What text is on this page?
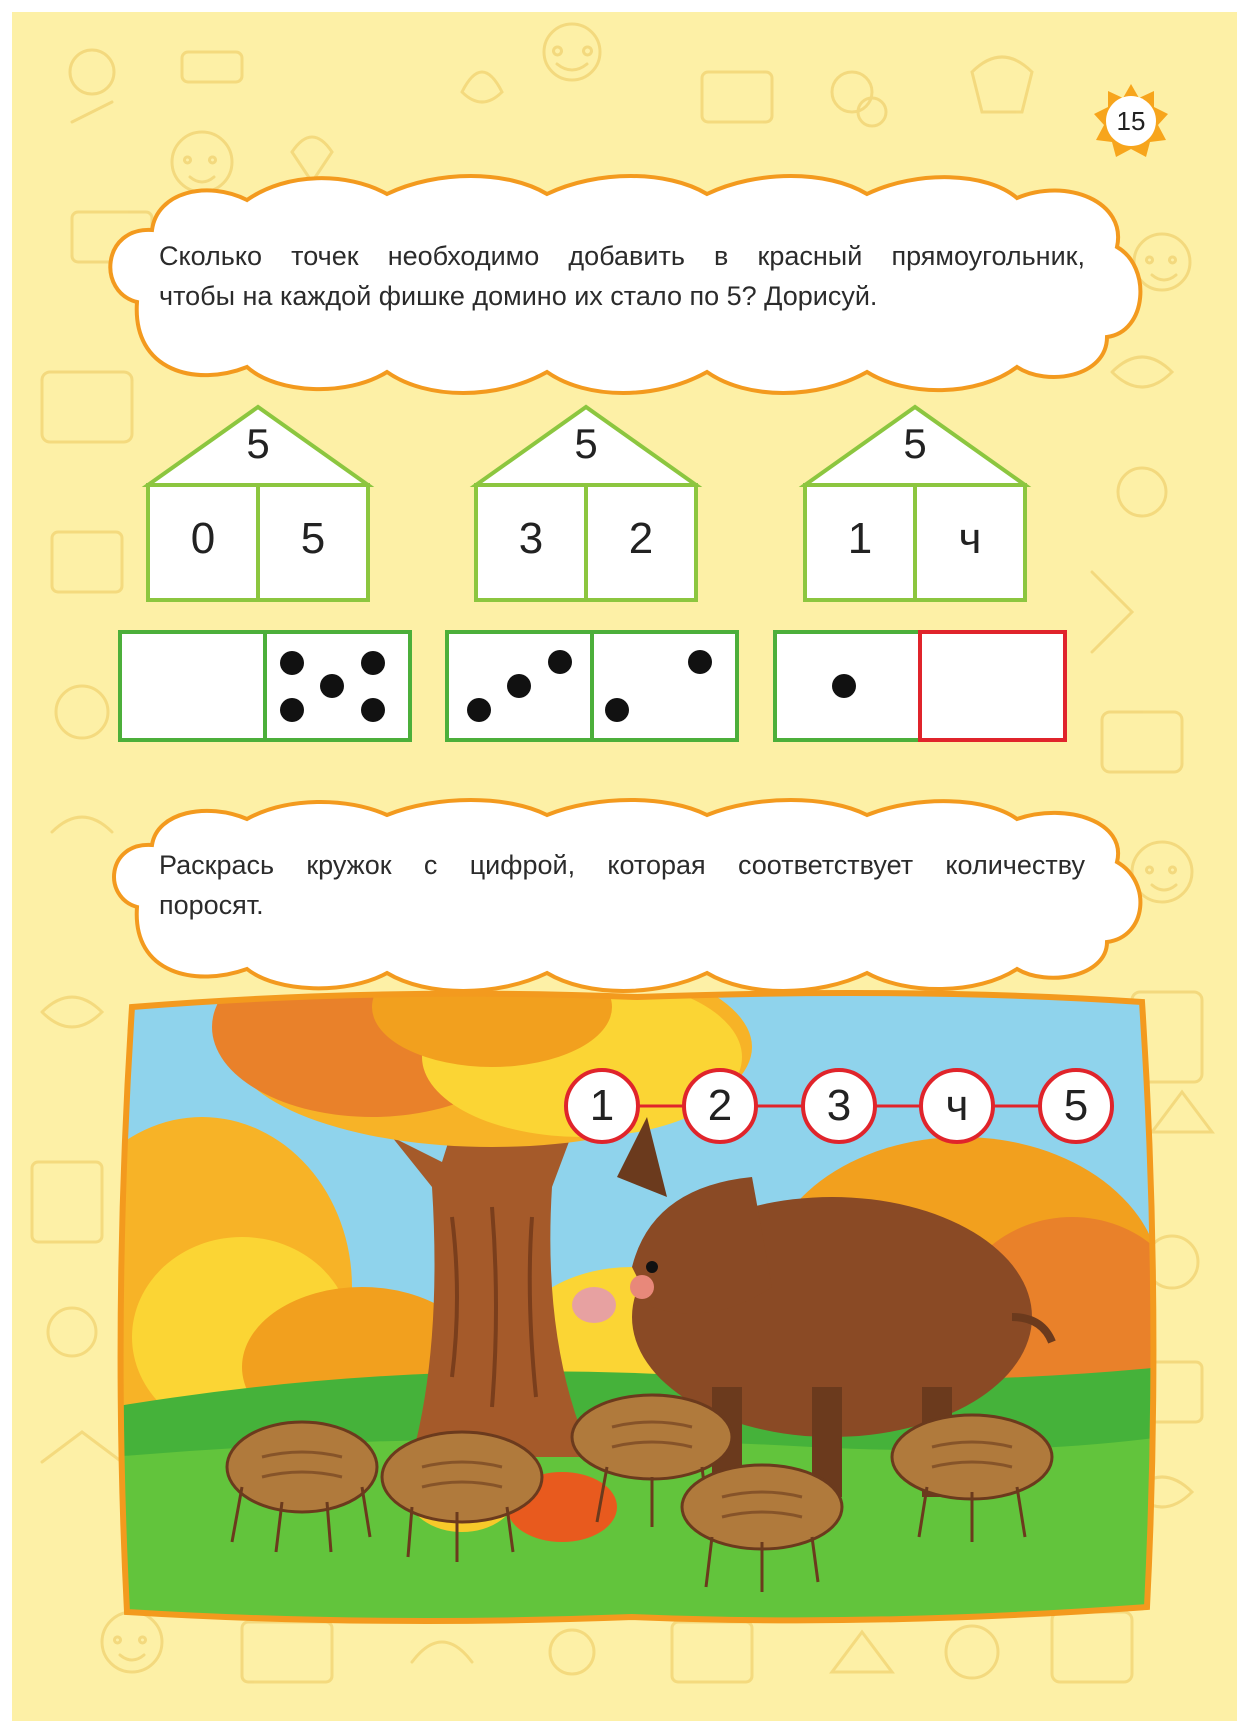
15
Сколько точек необходимо добавить в красный прямоугольник,
чтобы на каждой фишке домино их стало по 5? Дорисуй.
5
0	5
5
3	2
5
1	ч
Раскрась кружок с цифрой, которая соответствует количеству
поросят.
1	2	3	ч	5
